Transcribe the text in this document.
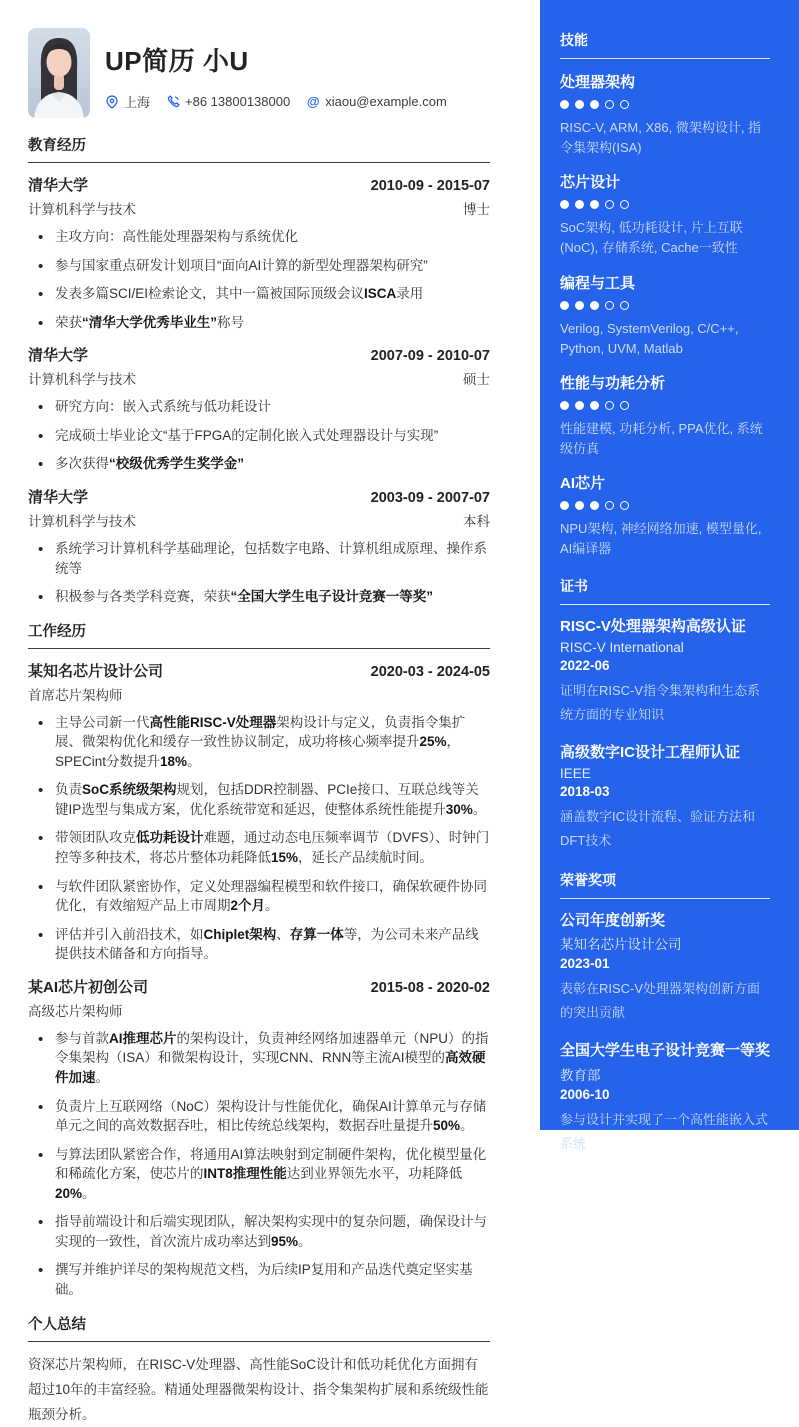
UP简历 小U
上海	+86 13800138000 @ xiaou@example.com
教育经历
清华大学	2010-09 - 2015-07
计算机科学与技术	博士
• 主攻方向：高性能处理器架构与系统优化
• 参与国家重点研发计划项目“面向AI计算的新型处理器架构研究”
• 发表多篇SCI/EI检索论文，其中一篇被国际顶级会议ISCA录用
• 荣获“清华大学优秀毕业生”称号
清华大学	2007-09 - 2010-07
计算机科学与技术	硕士
• 研究方向：嵌入式系统与低功耗设计
• 完成硕士毕业论文“基于FPGA的定制化嵌入式处理器设计与实现”
• 多次获得“校级优秀学生奖学金”
清华大学	2003-09 - 2007-07
计算机科学与技术	本科
• 系统学习计算机科学基础理论，包括数字电路、计算机组成原理、操作系统等
• 积极参与各类学科竞赛，荣获“全国大学生电子设计竞赛一等奖”
工作经历
某知名芯片设计公司	2020-03 - 2024-05
首席芯片架构师
• 主导公司新一代高性能RISC-V处理器架构设计与定义，负责指令集扩展、微架构优化和缓存一致性协议制定，成功将核心频率提升25%，SPECint分数提升18%。
• 负责SoC系统级架构规划，包括DDR控制器、PCIe接口、互联总线等关键IP选型与集成方案，优化系统带宽和延迟，使整体系统性能提升30%。
• 带领团队攻克低功耗设计难题，通过动态电压频率调节（DVFS）、时钟门控等多种技术，将芯片整体功耗降低15%，延长产品续航时间。
• 与软件团队紧密协作，定义处理器编程模型和软件接口，确保软硬件协同优化，有效缩短产品上市周期2个月。
• 评估并引入前沿技术，如Chiplet架构、存算一体等，为公司未来产品线提供技术储备和方向指导。
某AI芯片初创公司	2015-08 - 2020-02
高级芯片架构师
• 参与首款AI推理芯片的架构设计，负责神经网络加速器单元（NPU）的指令集架构（ISA）和微架构设计，实现CNN、RNN等主流AI模型的高效硬件加速。
• 负责片上互联网络（NoC）架构设计与性能优化，确保AI计算单元与存储单元之间的高效数据吞吐，相比传统总线架构，数据吞吐量提升50%。
• 与算法团队紧密合作，将通用AI算法映射到定制硬件架构，优化模型量化和稀疏化方案，使芯片的INT8推理性能达到业界领先水平，功耗降低20%。
• 指导前端设计和后端实现团队，解决架构实现中的复杂问题，确保设计与实现的一致性，首次流片成功率达到95%。
• 撰写并维护详尽的架构规范文档，为后续IP复用和产品迭代奠定坚实基础。
个人总结

资深芯片架构师，在RISC-V处理器、高性能SoC设计和低功耗优化方面拥有超过10年的丰富经验。精通处理器微架构设计、指令集架构扩展和系统级性能瓶颈分析。

技能
处理器架构
RISC-V, ARM, X86, 微架构设计, 指令集架构(ISA)
芯片设计
SoC架构, 低功耗设计, 片上互联(NoC), 存储系统, Cache一致性
编程与工具
Verilog, SystemVerilog, C/C++, Python, UVM, Matlab
性能与功耗分析
性能建模, 功耗分析, PPA优化, 系统级仿真
AI芯片
NPU架构, 神经网络加速, 模型量化, AI编译器
证书
RISC-V处理器架构高级认证
RISC-V International
2022-06
证明在RISC-V指令集架构和生态系统方面的专业知识
高级数字IC设计工程师认证
IEEE
2018-03
涵盖数字IC设计流程、验证方法和DFT技术
荣誉奖项
公司年度创新奖
某知名芯片设计公司
2023-01
表彰在RISC-V处理器架构创新方面的突出贡献
全国大学生电子设计竞赛一等奖
教育部
2006-10
参与设计并实现了一个高性能嵌入式系统
